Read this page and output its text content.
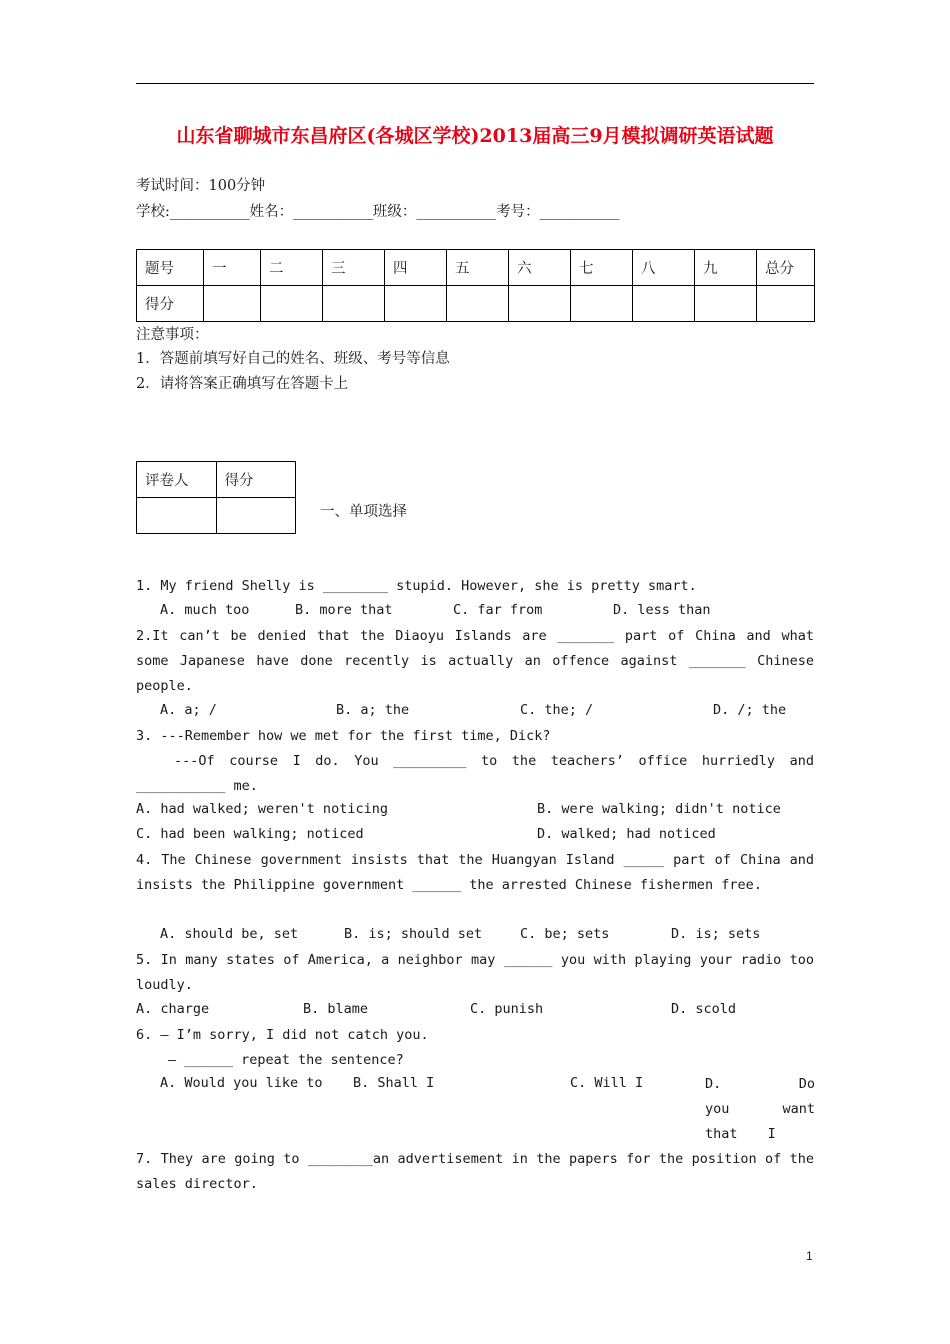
山东省聊城市东昌府区(各城区学校)2013届高三9月模拟调研英语试题
考试时间：100分钟
学校:___________姓名：___________班级：___________考号：___________
题号	一	二	三	四	五	六	七	八	九	总分
得分										
注意事项：
1．答题前填写好自己的姓名、班级、考号等信息
2．请将答案正确填写在答题卡上
评卷人	得分

一、单项选择
1. My friend Shelly is ________ stupid. However, she is pretty smart.
A. much too	B. more that	C. far from	D. less than
2.It can’t be denied that the Diaoyu Islands are _______ part of China and what some Japanese have done recently is actually an offence against _______ Chinese people.
A. a; /	B. a; the	C. the; /	D. /; the
3. ---Remember how we met for the first time, Dick?
---Of course I do. You _________ to the teachers’ office hurriedly and ___________ me.
A. had walked; weren't noticing	B. were walking; didn't notice
C. had been walking; noticed	D. walked; had noticed
4. The Chinese government insists that the Huangyan Island _____ part of China and insists the Philippine government ______ the arrested Chinese fishermen free.
A. should be, set	B. is; should set	C. be; sets	D. is; sets
5. In many states of America, a neighbor may ______ you with playing your radio too loudly.
A. charge	B. blame	C. punish	D. scold
6. — I’m sorry, I did not catch you.
— ______ repeat the sentence?
A. Would you like to B. Shall I	C. Will I	D. Do you want that I
7. They are going to ________an advertisement in the papers for the position of the sales director.
1
